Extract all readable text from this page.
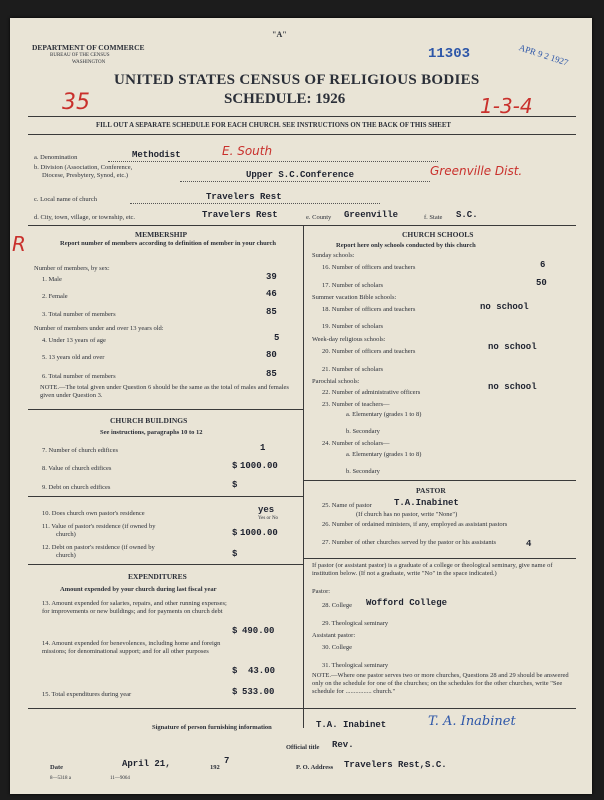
"A"
DEPARTMENT OF COMMERCE
BUREAU OF THE CENSUS
WASHINGTON
11303	APR 9 2 1927
UNITED STATES CENSUS OF RELIGIOUS BODIES
SCHEDULE: 1926
35	1-3-4
FILL OUT A SEPARATE SCHEDULE FOR EACH CHURCH. SEE INSTRUCTIONS ON THE BACK OF THIS SHEET
a. Denomination	Methodist	E. South
b. Division (Association, Conference,
Diocese, Presbytery, Synod, etc.)	Upper S.C.Conference	Greenville Dist.
c. Local name of church	Travelers Rest
R
d. City, town, village, or township, etc.	Travelers Rest	e. County Greenville	f. State S.C.
MEMBERSHIP
Report number of members according to definition of member in your church
Number of members, by sex:
1. Male	39
2. Female	46
3. Total number of members	85
Number of members under and over 13 years old:
4. Under 13 years of age	5
5. 13 years old and over	80
6. Total number of members	85
NOTE.—The total given under Question 6 should be the same as the total of males and females given under Question 3.
CHURCH BUILDINGS
See instructions, paragraphs 10 to 12
7. Number of church edifices	1
8. Value of church edifices	$ 1000.00
9. Debt on church edifices	$
10. Does church own pastor's residence	yes
Yes or No
11. Value of pastor's residence (if owned by
church)	$ 1000.00
12. Debt on pastor's residence (if owned by
church)	$
EXPENDITURES
Amount expended by your church during last fiscal year
13. Amount expended for salaries, repairs, and other running expenses; for improvements or new buildings; and for payments on church debt
$ 490.00
14. Amount expended for benevolences, including home and foreign missions; for denominational support; and for all other purposes
$ 43.00
15. Total expenditures during year	$ 533.00
CHURCH SCHOOLS
Report here only schools conducted by this church
Sunday schools:
16. Number of officers and teachers	6
17. Number of scholars	50
Summer vacation Bible schools:
18. Number of officers and teachers	no school
19. Number of scholars
Week-day religious schools:
20. Number of officers and teachers	no school
21. Number of scholars
Parochial schools:
22. Number of administrative officers
no school
23. Number of teachers—
a. Elementary (grades 1 to 8)
b. Secondary
24. Number of scholars—
a. Elementary (grades 1 to 8)
b. Secondary
PASTOR
25. Name of pastor T.A.Inabinet
(If church has no pastor, write "None")
26. Number of ordained ministers, if any, employed as assistant pastors
27. Number of other churches served by the pastor or his assistants	4
If pastor (or assistant pastor) is a graduate of a college or theological seminary, give name of institution below. (If not a graduate, write "No" in the space indicated.)
Pastor:
28. College Wofford College
29. Theological seminary
Assistant pastor:
30. College
31. Theological seminary
NOTE.—Where one pastor serves two or more churches, Questions 28 and 29 should be answered only on the schedule for one of the churches; on the schedules for the other churches, write "See schedule for ................ church."
Signature of person furnishing information	T.A. Inabinet	T. A. Inabinet
Official title Rev.
Date	April 21,	192
7
P. O. Address Travelers Rest,S.C.
8—5318 a	11—9064
